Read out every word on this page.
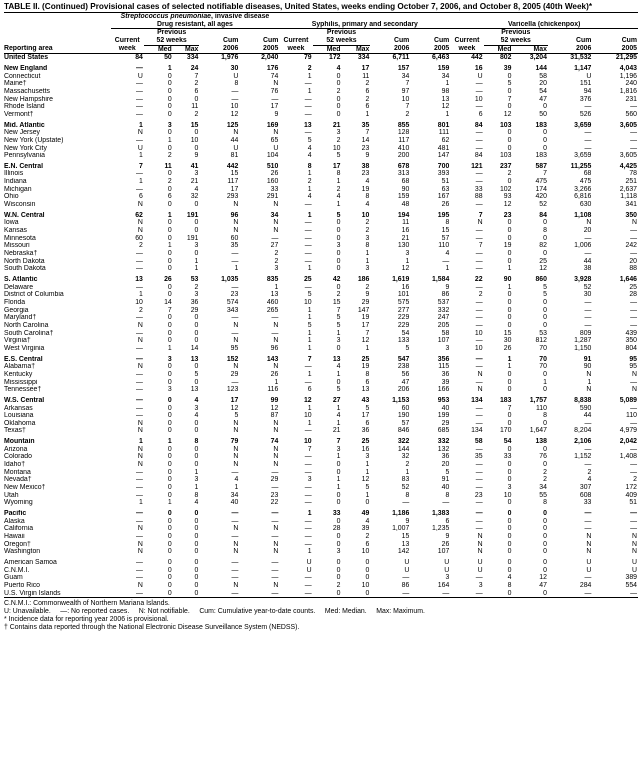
TABLE II. (Continued) Provisional cases of selected notifiable diseases, United States, weeks ending October 7, 2006, and October 8, 2005 (40th Week)*
	Streptococcus pneumoniae, invasive disease														
	Drug resistant, all ages					Syphilis, primary and secondary					Varicella (chickenpox)				
		Previous					Previous					Previous			
	Current	52 weeks		Cum	Cum	Current	52 weeks		Cum	Cum	Current	52 weeks		Cum	Cum
Reporting area	week	Med	Max	2006	2005	week	Med	Max	2006	2005	week	Med	Max	2006	2005
United States	84	50	334	1,976	2,040	79	172	334	6,711	6,463	442	802	3,204	31,532	21,295

New England	—	1	24	30	176	2	4	17	157	159	16	39	144	1,147	4,043
Connecticut	U	0	7	U	74	1	0	11	34	34	U	0	58	U	1,196
Maine†	—	0	2	8	N	—	0	2	7	1	—	5	20	151	240
Massachusetts	—	0	6	—	76	1	2	6	97	98	—	0	54	94	1,816
New Hampshire	—	0	0	—	—	—	0	2	10	13	10	7	47	376	231
Rhode Island	—	0	11	10	17	—	0	6	7	12	—	0	0	—	—
Vermont†	—	0	2	12	9	—	0	1	2	1	6	12	50	526	560

Mid. Atlantic	1	3	15	125	169	13	21	35	855	801	84	103	183	3,659	3,605
New Jersey	N	0	0	N	N	—	3	7	128	111	—	0	0	—	—
New York (Upstate)	—	1	10	44	65	5	2	14	117	62	—	0	0	—	—
New York City	U	0	0	U	U	4	10	23	410	481	—	0	0	—	—
Pennsylvania	1	2	9	81	104	4	5	9	200	147	84	103	183	3,659	3,605

E.N. Central	7	11	41	442	510	8	17	38	678	700	121	237	587	11,255	4,425
Illinois	—	0	3	15	26	1	8	23	313	393	—	2	7	68	78
Indiana	1	2	21	117	160	2	1	4	68	51	—	0	475	475	251
Michigan	—	0	4	17	33	1	2	19	90	63	33	102	174	3,266	2,637
Ohio	6	6	32	293	291	4	4	8	159	167	88	93	420	6,816	1,118
Wisconsin	N	0	0	N	N	—	1	4	48	26	—	12	52	630	341

W.N. Central	62	1	191	96	34	1	5	10	194	195	7	23	84	1,108	350
Iowa	N	0	0	N	N	—	0	2	11	8	N	0	0	N	N
Kansas	N	0	0	N	N	—	0	2	16	15	—	0	8	20	—
Minnesota	60	0	191	60	—	—	0	3	21	57	—	0	0	—	—
Missouri	2	1	3	35	27	—	3	8	130	110	7	19	82	1,006	242
Nebraska†	—	0	0	—	2	—	0	1	3	4	—	0	0	—	—
North Dakota	—	0	1	—	2	—	0	1	1	—	—	0	25	44	20
South Dakota	—	0	1	1	3	1	0	3	12	1	—	1	12	38	88

S. Atlantic	13	26	53	1,035	835	25	42	186	1,619	1,584	22	90	860	3,928	1,646
Delaware	—	0	2	—	1	—	0	2	16	9	—	1	5	52	25
District of Columbia	1	0	3	23	13	5	2	9	101	86	2	0	5	30	28
Florida	10	14	36	574	460	10	15	29	575	537	—	0	0	—	—
Georgia	2	7	29	343	265	1	7	147	277	332	—	0	0	—	—
Maryland†	—	0	0	—	—	1	5	19	229	247	—	0	0	—	—
North Carolina	N	0	0	N	N	5	5	17	229	205	—	0	0	—	—
South Carolina†	—	0	0	—	—	1	1	7	54	58	10	15	53	809	439
Virginia†	N	0	0	N	N	1	3	12	133	107	—	30	812	1,287	350
West Virginia	—	1	14	95	96	1	0	1	5	3	10	26	70	1,150	804

E.S. Central	—	3	13	152	143	7	13	25	547	356	—	1	70	91	95
Alabama†	N	0	0	N	N	—	4	19	238	115	—	1	70	90	95
Kentucky	—	0	5	29	26	1	1	8	56	36	N	0	0	N	N
Mississippi	—	0	0	—	1	—	0	6	47	39	—	0	1	1	—
Tennessee†	—	3	13	123	116	6	5	13	206	166	N	0	0	N	N

W.S. Central	—	0	4	17	99	12	27	43	1,153	953	134	183	1,757	8,838	5,089
Arkansas	—	0	3	12	12	1	1	5	60	40	—	7	110	590	—
Louisiana	—	0	4	5	87	10	4	17	190	199	—	0	8	44	110
Oklahoma	N	0	0	N	N	1	1	6	57	29	—	0	0	—	—
Texas†	N	0	0	N	N	—	21	36	846	685	134	170	1,647	8,204	4,979

Mountain	1	1	8	79	74	10	7	25	322	332	58	54	138	2,106	2,042
Arizona	N	0	0	N	N	7	3	16	144	132	—	0	0	—	—
Colorado	N	0	0	N	N	—	1	3	32	36	35	33	76	1,152	1,408
Idaho†	N	0	0	N	N	—	0	1	2	20	—	0	0	—	—
Montana	—	0	1	—	—	—	0	1	1	5	—	0	2	2	—
Nevada†	—	0	3	4	29	3	1	12	83	91	—	0	2	4	2
New Mexico†	—	0	1	1	—	—	1	5	52	40	—	3	34	307	172
Utah	—	0	8	34	23	—	0	1	8	8	23	10	55	608	409
Wyoming	1	1	4	40	22	—	0	0	—	—	—	0	8	33	51

Pacific	—	0	0	—	—	1	33	49	1,186	1,383	—	0	0	—	—
Alaska	—	0	0	—	—	—	0	4	9	6	—	0	0	—	—
California	N	0	0	N	N	—	28	39	1,007	1,235	—	0	0	—	—
Hawaii	—	0	0	—	—	—	0	2	15	9	N	0	0	N	N
Oregon†	N	0	0	N	N	—	0	6	13	26	N	0	0	N	N
Washington	N	0	0	N	N	1	3	10	142	107	N	0	0	N	N

American Samoa	—	0	0	—	—	U	0	0	U	U	U	0	0	U	U
C.N.M.I.	—	0	0	—	—	U	0	0	U	U	U	0	0	U	U
Guam	—	0	0	—	—	—	0	0	—	3	—	4	12	—	389
Puerto Rico	N	0	0	N	N	—	2	10	86	164	3	8	47	284	554
U.S. Virgin Islands	—	0	0	—	—	—	0	0	—	—	—	0	0	—	—
C.N.M.I.: Commonwealth of Northern Mariana Islands.
U: Unavailable.     —: No reported cases.     N: Not notifiable.     Cum: Cumulative year-to-date counts.     Med: Median.     Max: Maximum.
* Incidence data for reporting year 2006 is provisional.
† Contains data reported through the National Electronic Disease Surveillance System (NEDSS).
